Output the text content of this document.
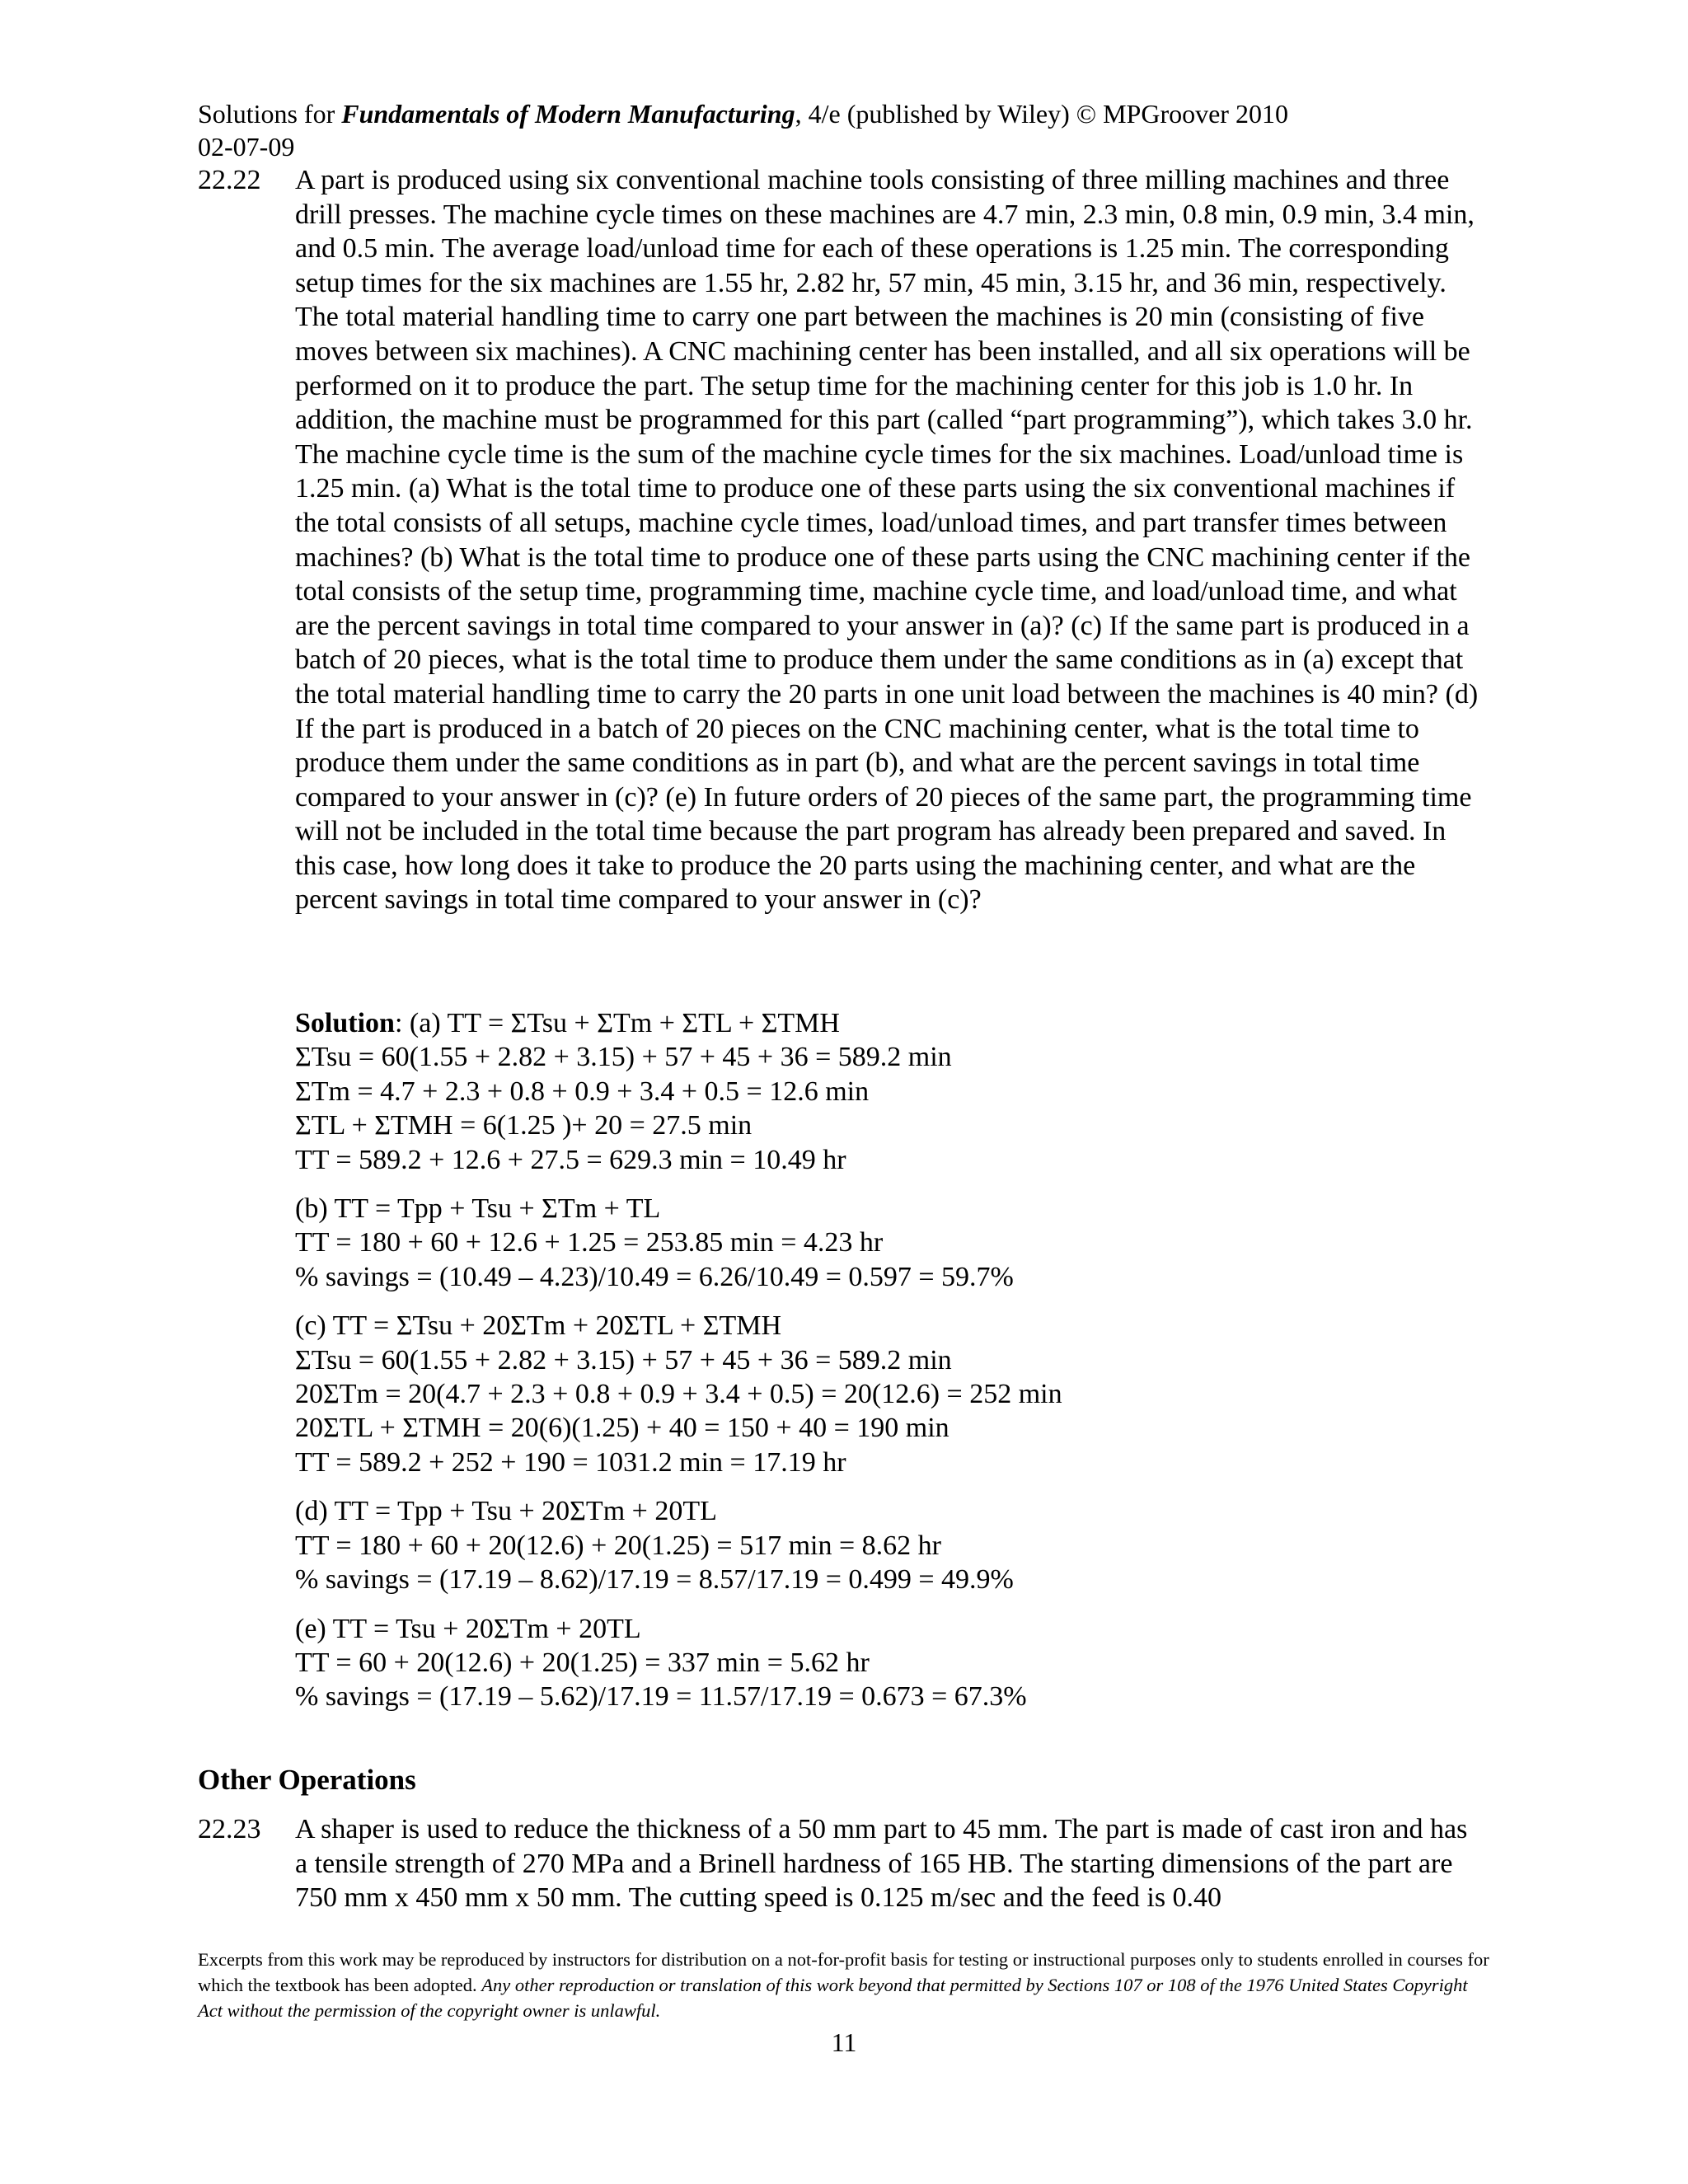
Solutions for Fundamentals of Modern Manufacturing, 4/e (published by Wiley) © MPGroover 2010
02-07-09
22.22 A part is produced using six conventional machine tools consisting of three milling machines and three drill presses. The machine cycle times on these machines are 4.7 min, 2.3 min, 0.8 min, 0.9 min, 3.4 min, and 0.5 min. The average load/unload time for each of these operations is 1.25 min. The corresponding setup times for the six machines are 1.55 hr, 2.82 hr, 57 min, 45 min, 3.15 hr, and 36 min, respectively. The total material handling time to carry one part between the machines is 20 min (consisting of five moves between six machines). A CNC machining center has been installed, and all six operations will be performed on it to produce the part. The setup time for the machining center for this job is 1.0 hr. In addition, the machine must be programmed for this part (called “part programming”), which takes 3.0 hr. The machine cycle time is the sum of the machine cycle times for the six machines. Load/unload time is 1.25 min. (a) What is the total time to produce one of these parts using the six conventional machines if the total consists of all setups, machine cycle times, load/unload times, and part transfer times between machines? (b) What is the total time to produce one of these parts using the CNC machining center if the total consists of the setup time, programming time, machine cycle time, and load/unload time, and what are the percent savings in total time compared to your answer in (a)? (c) If the same part is produced in a batch of 20 pieces, what is the total time to produce them under the same conditions as in (a) except that the total material handling time to carry the 20 parts in one unit load between the machines is 40 min? (d) If the part is produced in a batch of 20 pieces on the CNC machining center, what is the total time to produce them under the same conditions as in part (b), and what are the percent savings in total time compared to your answer in (c)? (e) In future orders of 20 pieces of the same part, the programming time will not be included in the total time because the part program has already been prepared and saved. In this case, how long does it take to produce the 20 parts using the machining center, and what are the percent savings in total time compared to your answer in (c)?
Solution: (a) TT = ΣTsu + ΣTm + ΣTL + ΣTMH
ΣTsu = 60(1.55 + 2.82 + 3.15) + 57 + 45 + 36 = 589.2 min
ΣTm = 4.7 + 2.3 + 0.8 + 0.9 + 3.4 + 0.5 = 12.6 min
ΣTL + ΣTMH = 6(1.25 )+ 20 = 27.5 min
TT = 589.2 + 12.6 + 27.5 = 629.3 min = 10.49 hr
(b) TT = Tpp + Tsu + ΣTm + TL
TT = 180 + 60 + 12.6 + 1.25 = 253.85 min = 4.23 hr
% savings = (10.49 – 4.23)/10.49 = 6.26/10.49 = 0.597 = 59.7%
(c) TT = ΣTsu + 20ΣTm + 20ΣTL + ΣTMH
ΣTsu = 60(1.55 + 2.82 + 3.15) + 57 + 45 + 36 = 589.2 min
20ΣTm = 20(4.7 + 2.3 + 0.8 + 0.9 + 3.4 + 0.5) = 20(12.6) = 252 min
20ΣTL + ΣTMH = 20(6)(1.25) + 40 = 150 + 40 = 190 min
TT = 589.2 + 252 + 190 = 1031.2 min = 17.19 hr
(d) TT = Tpp + Tsu + 20ΣTm + 20TL
TT = 180 + 60 + 20(12.6) + 20(1.25) = 517 min = 8.62 hr
% savings = (17.19 – 8.62)/17.19 = 8.57/17.19 = 0.499 = 49.9%
(e) TT = Tsu + 20ΣTm + 20TL
TT = 60 + 20(12.6) + 20(1.25) = 337 min = 5.62 hr
% savings = (17.19 – 5.62)/17.19 = 11.57/17.19 = 0.673 = 67.3%
Other Operations
22.23 A shaper is used to reduce the thickness of a 50 mm part to 45 mm. The part is made of cast iron and has a tensile strength of 270 MPa and a Brinell hardness of 165 HB. The starting dimensions of the part are 750 mm x 450 mm x 50 mm. The cutting speed is 0.125 m/sec and the feed is 0.40
Excerpts from this work may be reproduced by instructors for distribution on a not-for-profit basis for testing or instructional purposes only to students enrolled in courses for which the textbook has been adopted. Any other reproduction or translation of this work beyond that permitted by Sections 107 or 108 of the 1976 United States Copyright Act without the permission of the copyright owner is unlawful.
11
